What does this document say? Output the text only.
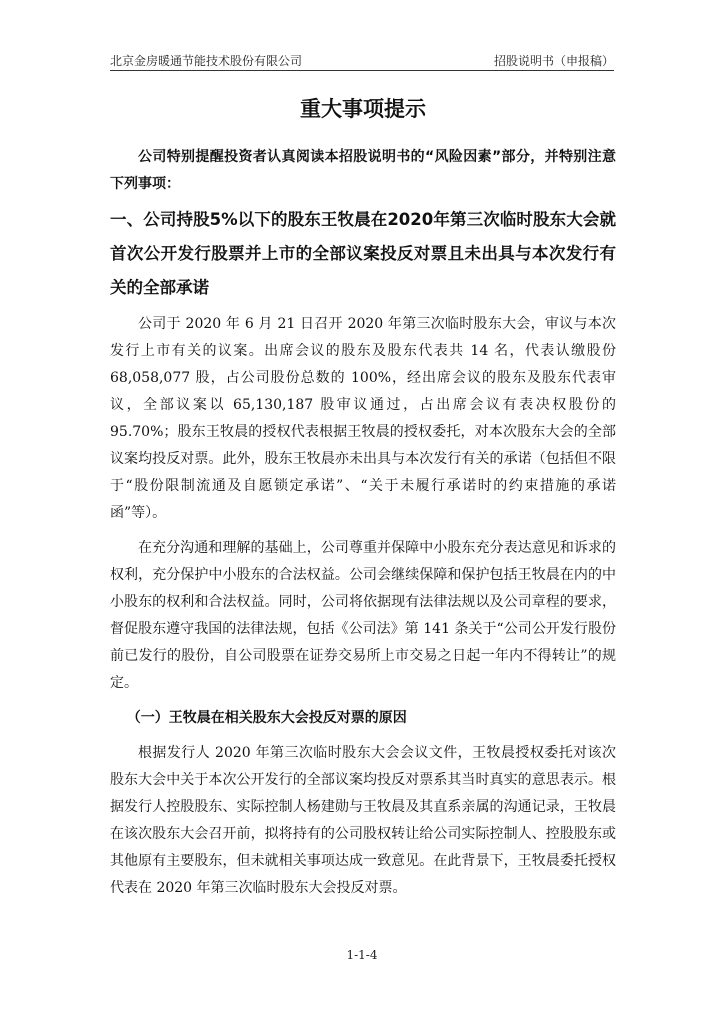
北京金房暖通节能技术股份有限公司	招股说明书（申报稿）
重大事项提示

公司特别提醒投资者认真阅读本招股说明书的“风险因素”部分，并特别注意下列事项：

一、公司持股5%以下的股东王牧晨在2020年第三次临时股东大会就首次公开发行股票并上市的全部议案投反对票且未出具与本次发行有关的全部承诺

公司于 2020 年 6 月 21 日召开 2020 年第三次临时股东大会，审议与本次发行上市有关的议案。出席会议的股东及股东代表共 14 名，代表认缴股份 68,058,077 股，占公司股份总数的 100%，经出席会议的股东及股东代表审议，全部议案以 65,130,187 股审议通过，占出席会议有表决权股份的 95.70%；股东王牧晨的授权代表根据王牧晨的授权委托，对本次股东大会的全部议案均投反对票。此外，股东王牧晨亦未出具与本次发行有关的承诺（包括但不限于“股份限制流通及自愿锁定承诺”、“关于未履行承诺时的约束措施的承诺函”等）。

在充分沟通和理解的基础上，公司尊重并保障中小股东充分表达意见和诉求的权利，充分保护中小股东的合法权益。公司会继续保障和保护包括王牧晨在内的中小股东的权利和合法权益。同时，公司将依据现有法律法规以及公司章程的要求，督促股东遵守我国的法律法规，包括《公司法》第 141 条关于“公司公开发行股份前已发行的股份，自公司股票在证券交易所上市交易之日起一年内不得转让”的规定。

（一）王牧晨在相关股东大会投反对票的原因

根据发行人 2020 年第三次临时股东大会会议文件，王牧晨授权委托对该次股东大会中关于本次公开发行的全部议案均投反对票系其当时真实的意思表示。根据发行人控股股东、实际控制人杨建勋与王牧晨及其直系亲属的沟通记录，王牧晨在该次股东大会召开前，拟将持有的公司股权转让给公司实际控制人、控股股东或其他原有主要股东，但未就相关事项达成一致意见。在此背景下，王牧晨委托授权代表在 2020 年第三次临时股东大会投反对票。

1-1-4
